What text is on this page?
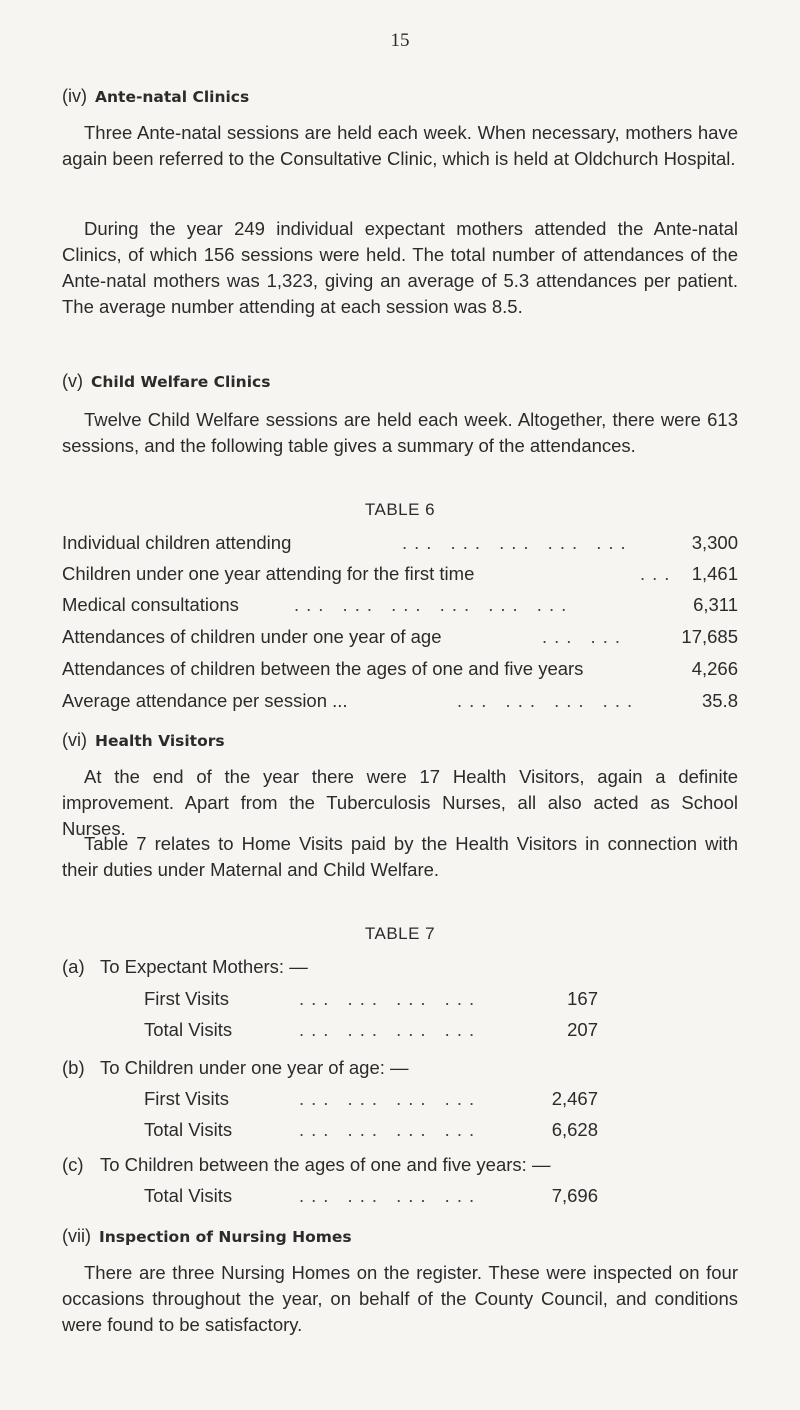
15
(iv) Ante-natal Clinics

Three Ante-natal sessions are held each week. When necessary, mothers have again been referred to the Consultative Clinic, which is held at Oldchurch Hospital.

During the year 249 individual expectant mothers attended the Ante-natal Clinics, of which 156 sessions were held. The total number of attendances of the Ante-natal mothers was 1,323, giving an average of 5.3 attendances per patient. The average number attending at each session was 8.5.

(v) Child Welfare Clinics

Twelve Child Welfare sessions are held each week. Altogether, there were 613 sessions, and the following table gives a summary of the attendances.

TABLE 6
Individual children attending	... ... ... ... ...	3,300
Children under one year attending for the first time	... 1,461
Medical consultations	... ... ... ... ... ...	6,311
Attendances of children under one year of age	... ...	17,685
Attendances of children between the ages of one and five years	4,266
Average attendance per session ...	... ... ... ...	35.8
(vi) Health Visitors

At the end of the year there were 17 Health Visitors, again a definite improvement. Apart from the Tuberculosis Nurses, all also acted as School Nurses.

Table 7 relates to Home Visits paid by the Health Visitors in connection with their duties under Maternal and Child Welfare.

TABLE 7
(a) To Expectant Mothers: —
First Visits	... ... ... ...	167
Total Visits	... ... ... ...	207
(b) To Children under one year of age: —
First Visits	... ... ... ...	2,467
Total Visits	... ... ... ...	6,628
(c) To Children between the ages of one and five years: —
Total Visits	... ... ... ...	7,696
(vii) Inspection of Nursing Homes

There are three Nursing Homes on the register. These were inspected on four occasions throughout the year, on behalf of the County Council, and conditions were found to be satisfactory.
